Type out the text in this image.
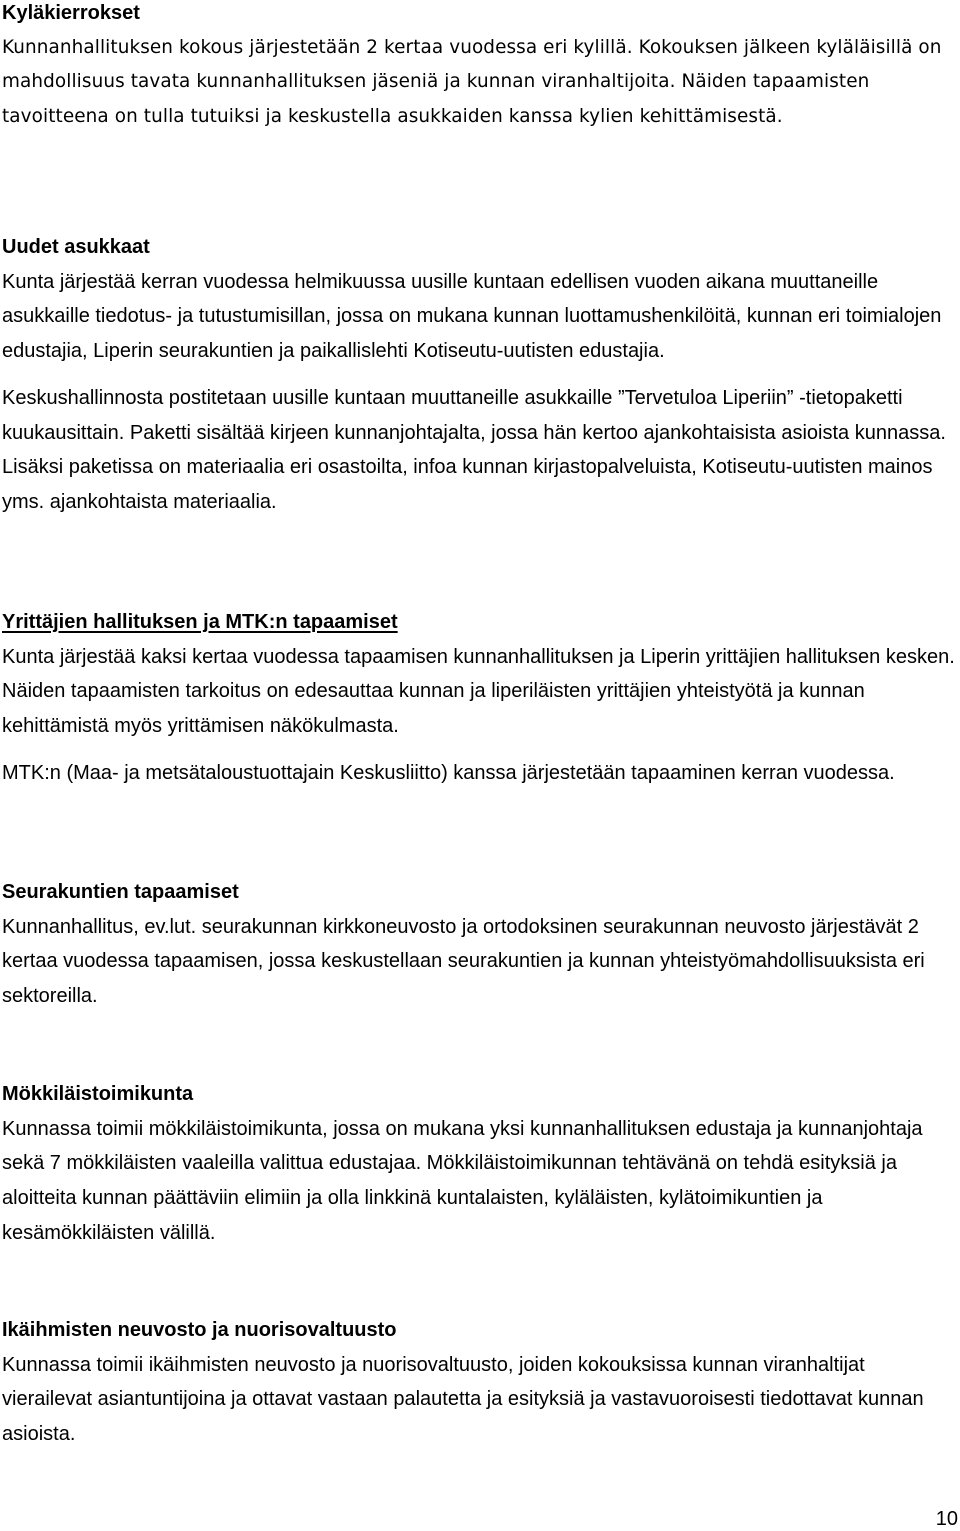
Kyläkierrokset

Kunnanhallituksen kokous järjestetään 2 kertaa vuodessa eri kylillä. Kokouksen jälkeen kyläläisillä on mahdollisuus tavata kunnanhallituksen jäseniä ja kunnan viranhaltijoita. Näiden tapaamisten tavoitteena on tulla tutuiksi ja keskustella asukkaiden kanssa kylien kehittämisestä.

Uudet asukkaat

Kunta järjestää kerran vuodessa helmikuussa uusille kuntaan edellisen vuoden aikana muuttaneille asukkaille tiedotus- ja tutustumisillan, jossa on mukana kunnan luottamushenkilöitä, kunnan eri toimialojen edustajia, Liperin seurakuntien ja paikallislehti Kotiseutu-uutisten edustajia.

Keskushallinnosta postitetaan uusille kuntaan muuttaneille asukkaille ”Tervetuloa Liperiin” -tietopaketti kuukausittain. Paketti sisältää kirjeen kunnanjohtajalta, jossa hän kertoo ajankohtaisista asioista kunnassa. Lisäksi paketissa on materiaalia eri osastoilta, infoa kunnan kirjastopalveluista, Kotiseutu-uutisten mainos yms. ajankohtaista materiaalia.

Yrittäjien hallituksen ja MTK:n tapaamiset

Kunta järjestää kaksi kertaa vuodessa tapaamisen kunnanhallituksen ja Liperin yrittäjien hallituksen kesken. Näiden tapaamisten tarkoitus on edesauttaa kunnan ja liperiläisten yrittäjien yhteistyötä ja kunnan kehittämistä myös yrittämisen näkökulmasta.

MTK:n (Maa- ja metsätaloustuottajain Keskusliitto) kanssa järjestetään tapaaminen kerran vuodessa.

Seurakuntien tapaamiset

Kunnanhallitus, ev.lut. seurakunnan kirkkoneuvosto ja ortodoksinen seurakunnan neuvosto järjestävät 2 kertaa vuodessa tapaamisen, jossa keskustellaan seurakuntien ja kunnan yhteistyömahdollisuuksista eri sektoreilla.

Mökkiläistoimikunta

Kunnassa toimii mökkiläistoimikunta, jossa on mukana yksi kunnanhallituksen edustaja ja kunnanjohtaja sekä 7 mökkiläisten vaaleilla valittua edustajaa. Mökkiläistoimikunnan tehtävänä on tehdä esityksiä ja aloitteita kunnan päättäviin elimiin ja olla linkkinä kuntalaisten, kyläläisten, kylätoimikuntien ja kesämökkiläisten välillä.

Ikäihmisten neuvosto ja nuorisovaltuusto

Kunnassa toimii ikäihmisten neuvosto ja nuorisovaltuusto, joiden kokouksissa kunnan viranhaltijat vierailevat asiantuntijoina ja ottavat vastaan palautetta ja esityksiä ja vastavuoroisesti tiedottavat kunnan asioista.

10
